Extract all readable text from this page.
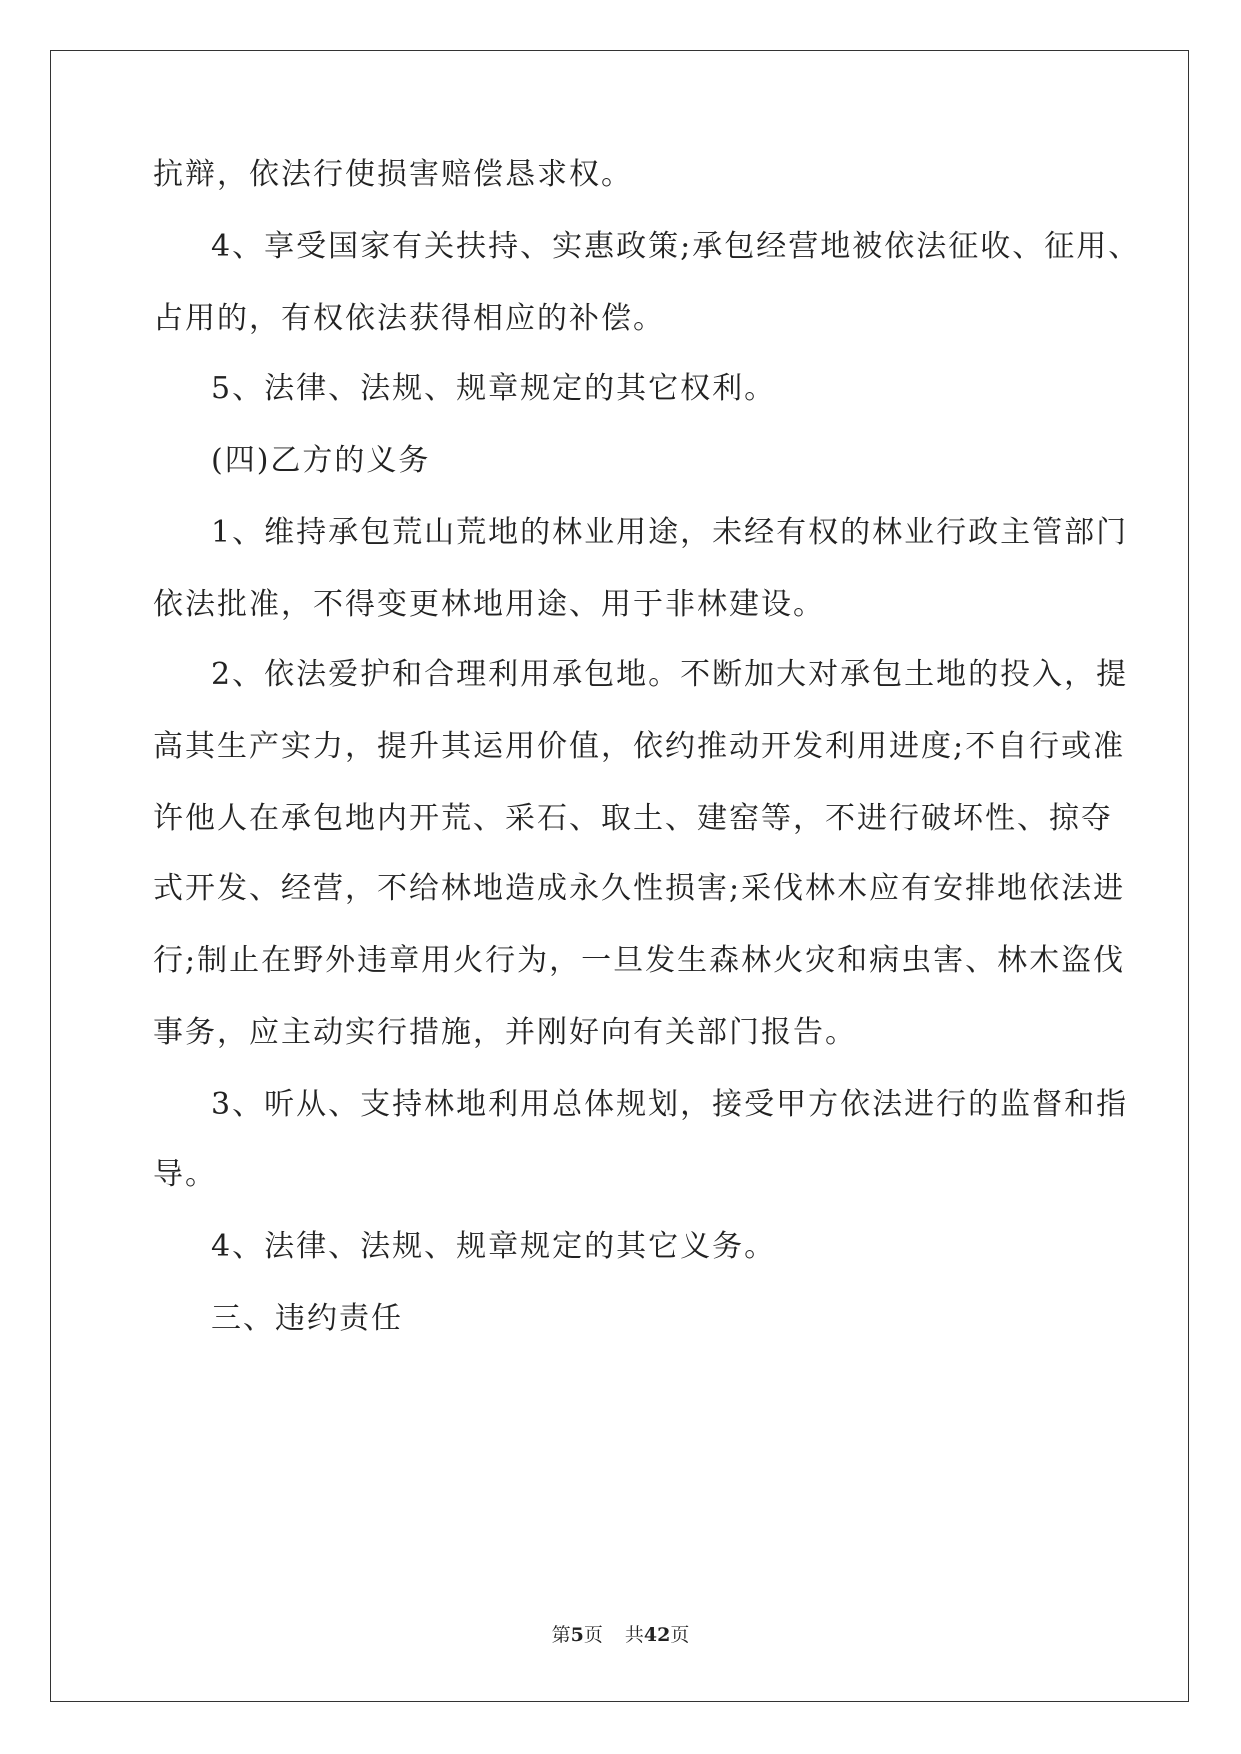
抗辩，依法行使损害赔偿恳求权。

4、享受国家有关扶持、实惠政策;承包经营地被依法征收、征用、

占用的，有权依法获得相应的补偿。

5、法律、法规、规章规定的其它权利。

(四)乙方的义务

1、维持承包荒山荒地的林业用途，未经有权的林业行政主管部门

依法批准，不得变更林地用途、用于非林建设。

2、依法爱护和合理利用承包地。不断加大对承包土地的投入，提

高其生产实力，提升其运用价值，依约推动开发利用进度;不自行或准

许他人在承包地内开荒、采石、取土、建窑等，不进行破坏性、掠夺

式开发、经营，不给林地造成永久性损害;采伐林木应有安排地依法进

行;制止在野外违章用火行为，一旦发生森林火灾和病虫害、林木盗伐

事务，应主动实行措施，并刚好向有关部门报告。

3、听从、支持林地利用总体规划，接受甲方依法进行的监督和指

导。

4、法律、法规、规章规定的其它义务。

三、违约责任

第5页 共42页
